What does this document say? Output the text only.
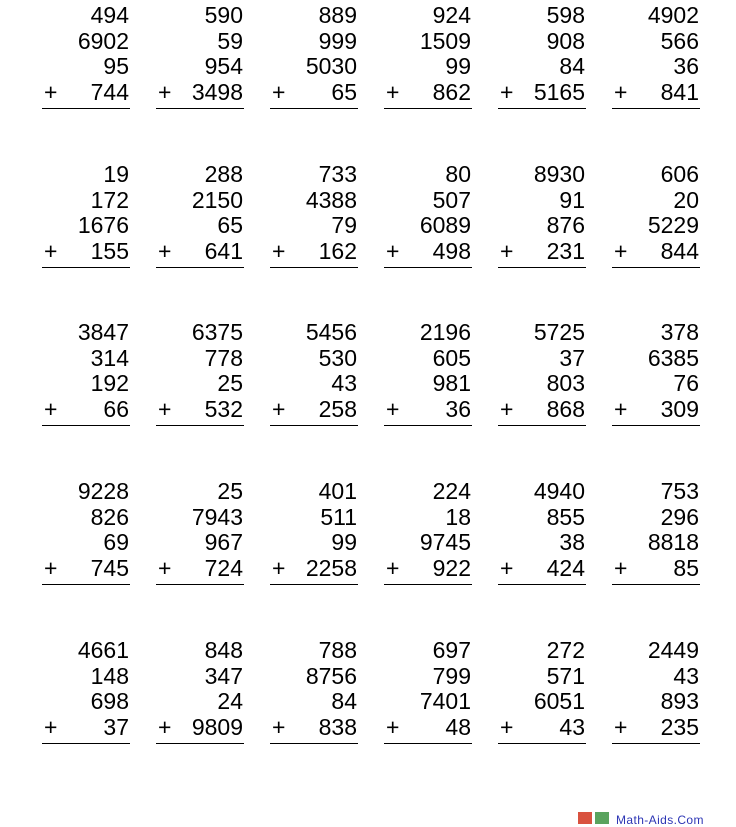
494
6902
95
744
+
590
59
954
3498
+
889
999
5030
65
+
924
1509
99
862
+
598
908
84
5165
+
4902
566
36
841
+
19
172
1676
155
+
288
2150
65
641
+
733
4388
79
162
+
80
507
6089
498
+
8930
91
876
231
+
606
20
5229
844
+
3847
314
192
66
+
6375
778
25
532
+
5456
530
43
258
+
2196
605
981
36
+
5725
37
803
868
+
378
6385
76
309
+
9228
826
69
745
+
25
7943
967
724
+
401
511
99
2258
+
224
18
9745
922
+
4940
855
38
424
+
753
296
8818
85
+
4661
148
698
37
+
848
347
24
9809
+
788
8756
84
838
+
697
799
7401
48
+
272
571
6051
43
+
2449
43
893
235
+
Math-Aids.Com
